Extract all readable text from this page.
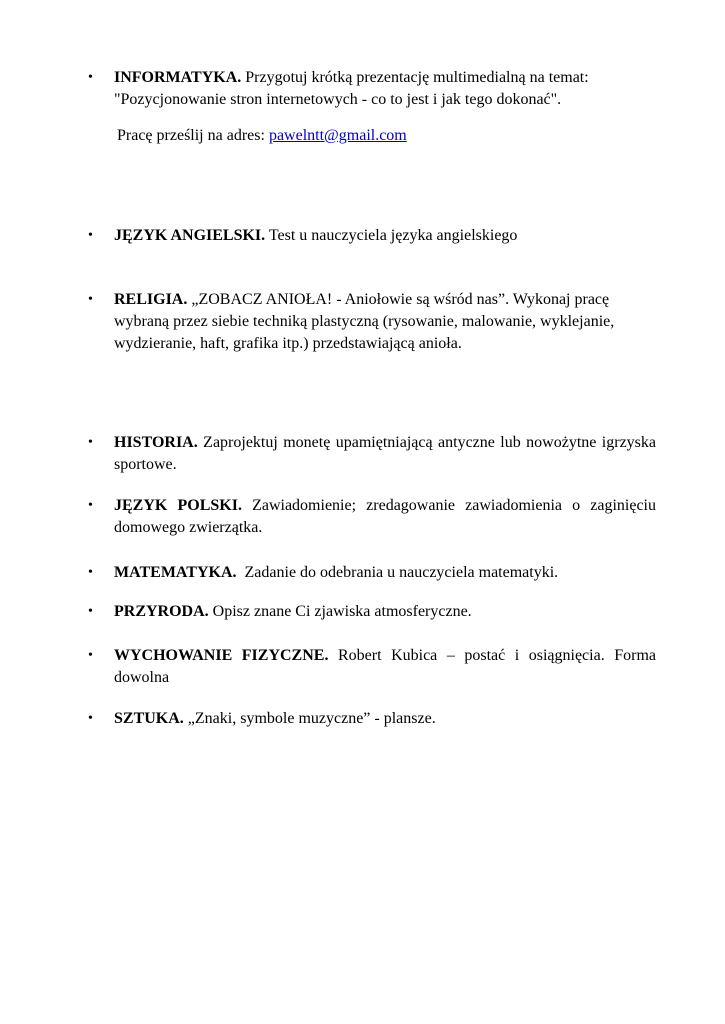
• INFORMATYKA. Przygotuj krótką prezentację multimedialną na temat: "Pozycjonowanie stron internetowych - co to jest i jak tego dokonać".
Pracę prześlij na adres: pawelntt@gmail.com
• JĘZYK ANGIELSKI. Test u nauczyciela języka angielskiego
• RELIGIA. „ZOBACZ ANIOŁA! - Aniołowie są wśród nas”. Wykonaj pracę wybraną przez siebie techniką plastyczną (rysowanie, malowanie, wyklejanie, wydzieranie, haft, grafika itp.) przedstawiającą anioła.
• HISTORIA. Zaprojektuj monetę upamiętniającą antyczne lub nowożytne igrzyska sportowe.
• JĘZYK POLSKI. Zawiadomienie; zredagowanie zawiadomienia o zaginięciu domowego zwierzątka.
• MATEMATYKA.  Zadanie do odebrania u nauczyciela matematyki.
• PRZYRODA. Opisz znane Ci zjawiska atmosferyczne.
• WYCHOWANIE FIZYCZNE. Robert Kubica – postać i osiągnięcia. Forma dowolna
• SZTUKA. „Znaki, symbole muzyczne” - plansze.
